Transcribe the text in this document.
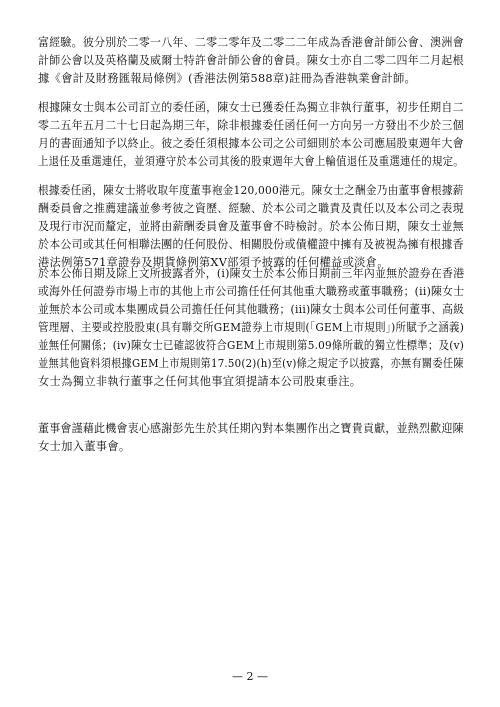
富經驗。彼分別於二零一八年、二零二零年及二零二二年成為香港會計師公會、澳洲會
計師公會以及英格蘭及威爾士特許會計師公會的會員。陳女士亦自二零二四年二月起根
據《會計及財務匯報局條例》(香港法例第588章)註冊為香港執業會計師。
根據陳女士與本公司訂立的委任函，陳女士已獲委任為獨立非執行董事，初步任期自二
零二五年五月二十七日起為期三年，除非根據委任函任何一方向另一方發出不少於三個
月的書面通知予以終止。彼之委任須根據本公司之公司細則於本公司應屆股東週年大會
上退任及重選連任，並須遵守於本公司其後的股東週年大會上輪值退任及重選連任的規定。
根據委任函，陳女士將收取年度董事袍金120,000港元。陳女士之酬金乃由董事會根據薪
酬委員會之推薦建議並參考彼之資歷、經驗、於本公司之職責及責任以及本公司之表現
及現行市況而釐定，並將由薪酬委員會及董事會不時檢討。於本公佈日期，陳女士並無
於本公司或其任何相聯法團的任何股份、相關股份或債權證中擁有及被視為擁有根據香
港法例第571章證券及期貨條例第XV部須予披露的任何權益或淡倉。
於本公佈日期及除上文所披露者外，(i)陳女士於本公佈日期前三年內並無於證券在香港
或海外任何證券市場上市的其他上市公司擔任任何其他重大職務或董事職務；(ii)陳女士
並無於本公司或本集團成員公司擔任任何其他職務；(iii)陳女士與本公司任何董事、高級
管理層、主要或控股股東(具有聯交所GEM證券上市規則(「GEM上市規則」)所賦予之涵義)
並無任何關係；(iv)陳女士已確認彼符合GEM上市規則第5.09條所載的獨立性標準；及(v)
並無其他資料須根據GEM上市規則第17.50(2)(h)至(v)條之規定予以披露，亦無有關委任陳
女士為獨立非執行董事之任何其他事宜須提請本公司股東垂注。
董事會謹藉此機會衷心感謝彭先生於其任期內對本集團作出之寶貴貢獻，並熱烈歡迎陳
女士加入董事會。
— 2 —
